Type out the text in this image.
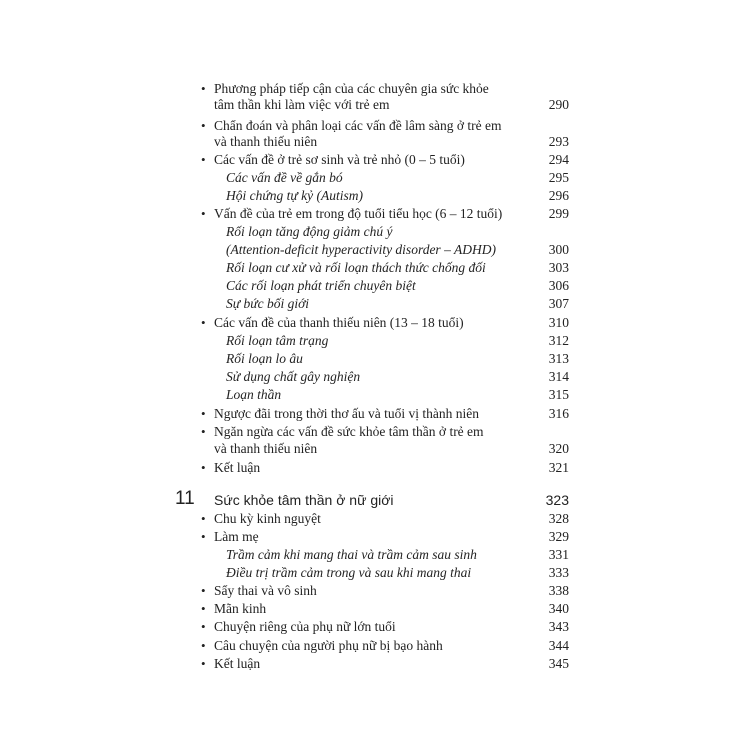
• Phương pháp tiếp cận của các chuyên gia sức khỏe
tâm thần khi làm việc với trẻ em	290
• Chẩn đoán và phân loại các vấn đề lâm sàng ở trẻ em
và thanh thiếu niên	293
• Các vấn đề ở trẻ sơ sinh và trẻ nhỏ (0 – 5 tuổi)	294
Các vấn đề về gắn bó	295
Hội chứng tự kỷ (Autism)	296
• Vấn đề của trẻ em trong độ tuổi tiểu học (6 – 12 tuổi)	299
Rối loạn tăng động giảm chú ý
(Attention-deficit hyperactivity disorder – ADHD)	300
Rối loạn cư xử và rối loạn thách thức chống đối	303
Các rối loạn phát triển chuyên biệt	306
Sự bức bối giới	307
• Các vấn đề của thanh thiếu niên (13 – 18 tuổi)	310
Rối loạn tâm trạng	312
Rối loạn lo âu	313
Sử dụng chất gây nghiện	314
Loạn thần	315
• Ngược đãi trong thời thơ ấu và tuổi vị thành niên	316
• Ngăn ngừa các vấn đề sức khỏe tâm thần ở trẻ em
và thanh thiếu niên	320
• Kết luận	321
11 Sức khỏe tâm thần ở nữ giới	323
• Chu kỳ kinh nguyệt	328
• Làm mẹ	329
Trầm cảm khi mang thai và trầm cảm sau sinh	331
Điều trị trầm cảm trong và sau khi mang thai	333
• Sẩy thai và vô sinh	338
• Mãn kinh	340
• Chuyện riêng của phụ nữ lớn tuổi	343
• Câu chuyện của người phụ nữ bị bạo hành	344
• Kết luận	345
